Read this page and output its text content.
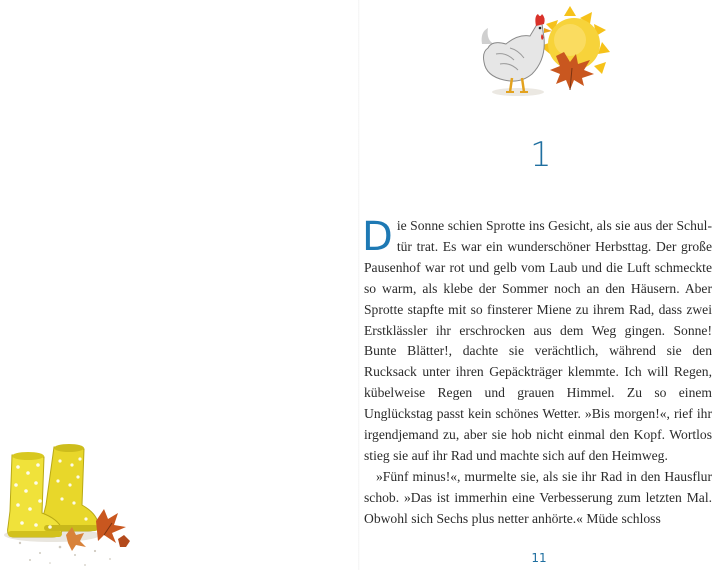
1

Die Sonne schien Sprotte ins Gesicht, als sie aus der Schultür trat. Es war ein wunderschöner Herbsttag. Der große Pausenhof war rot und gelb vom Laub und die Luft schmeckte so warm, als klebe der Sommer noch an den Häusern. Aber Sprotte stapfte mit so finsterer Miene zu ihrem Rad, dass zwei Erstklässler ihr erschrocken aus dem Weg gingen. Sonne! Bunte Blätter!, dachte sie verächtlich, während sie den Rucksack unter ihren Gepäckträger klemmte. Ich will Regen, kübelweise Regen und grauen Himmel. Zu so einem Unglückstag passt kein schönes Wetter. »Bis morgen!«, rief ihr irgendjemand zu, aber sie hob nicht einmal den Kopf. Wortlos stieg sie auf ihr Rad und machte sich auf den Heimweg.

»Fünf minus!«, murmelte sie, als sie ihr Rad in den Hausflur schob. »Das ist immerhin eine Verbesserung zum letzten Mal. Obwohl sich Sechs plus netter anhörte.« Müde schloss

11
